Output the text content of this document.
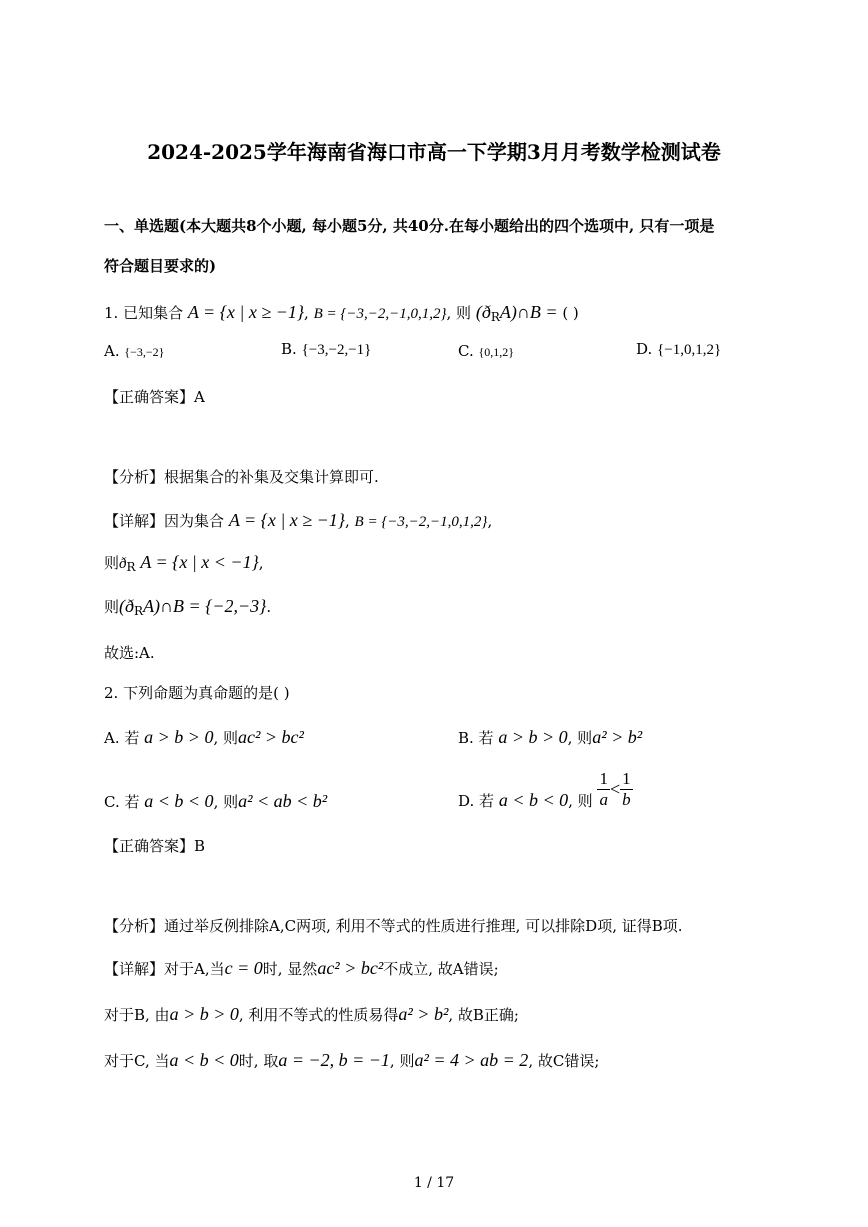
2024-2025学年海南省海口市高一下学期3月月考数学检测试卷
一、单选题(本大题共8个小题, 每小题5分, 共40分.在每小题给出的四个选项中, 只有一项是
符合题目要求的)
1. 已知集合 A = {x | x ≥ −1}, B = {−3,−2,−1,0,1,2}, 则 $(ð_RA)\cap B$ = ( )
A. {−3,−2}	B. {−3,−2,−1}	C. {0,1,2}	D. {−1,0,1,2}
【正确答案】A
【分析】根据集合的补集及交集计算即可.
【详解】因为集合 A = {x | x ≥ −1}, B = {−3,−2,−1,0,1,2},
则$ð_R$ A = {x | x < −1},
则$(ð_RA)\cap B = \{-2,-3\}$.
故选:A.
2. 下列命题为真命题的是( )
A. 若 a > b > 0, 则ac² > bc²	B. 若 a > b > 0, 则a² > b²
C. 若 a < b < 0, 则a² < ab < b²	D. 若 a < b < 0, 则 $\frac{1}{a} < \frac{1}{b}$
【正确答案】B
【分析】通过举反例排除A,C两项, 利用不等式的性质进行推理, 可以排除D项, 证得B项.
【详解】对于A,当c = 0时, 显然ac² > bc²不成立, 故A错误;
对于B, 由a > b > 0, 利用不等式的性质易得a² > b², 故B正确;
对于C, 当a < b < 0时, 取a = −2, b = −1, 则a² = 4 > ab = 2, 故C错误;
1 / 17
